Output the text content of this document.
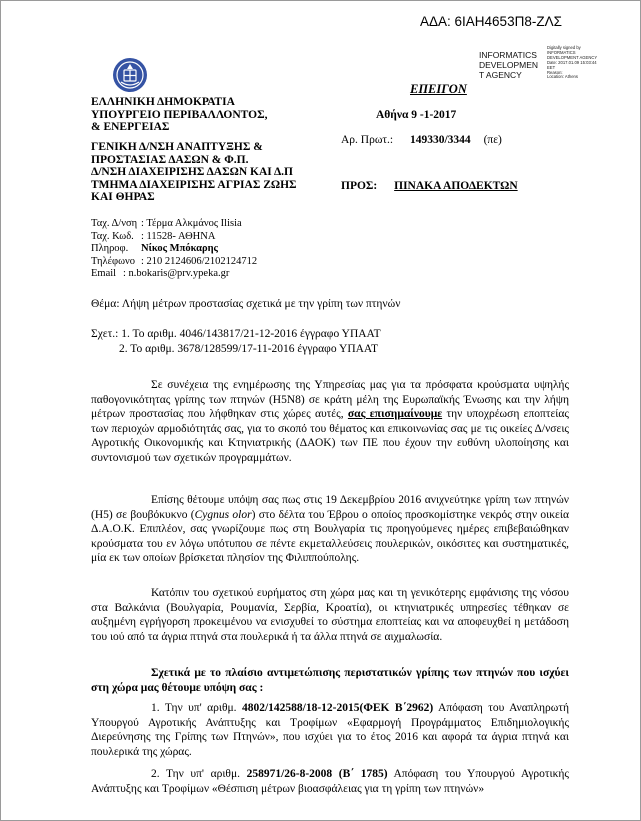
ΑΔΑ: 6ΙΑΗ4653Π8-ΖΛΣ
INFORMATICS
DEVELOPMEN
T AGENCY
Digitally signed by
INFORMATICS
DEVELOPMENT AGENCY
Date: 2017.01.09 15:03:44
EET
Reason:
Location: Athens
ΕΠΕΙΓΟΝ
ΕΛΛΗΝΙΚΗ ΔΗΜΟΚΡΑΤΙΑ
ΥΠΟΥΡΓΕΙΟ ΠΕΡΙΒΑΛΛΟΝΤΟΣ,
& ΕΝΕΡΓΕΙΑΣ
Αθήνα 9 -1-2017
Αρ. Πρωτ.: 149330/3344 (πε)
ΓΕΝΙΚΗ Δ/ΝΣΗ ΑΝΑΠΤΥΞΗΣ &
ΠΡΟΣΤΑΣΙΑΣ ΔΑΣΩΝ & Φ.Π.
Δ/ΝΣΗ ΔΙΑΧΕΙΡΙΣΗΣ ΔΑΣΩΝ ΚΑΙ Δ.Π
ΤΜΗΜΑ ΔΙΑΧΕΙΡΙΣΗΣ ΑΓΡΙΑΣ ΖΩΗΣ
ΚΑΙ ΘΗΡΑΣ
ΠΡΟΣ: ΠΙΝΑΚΑ ΑΠΟΔΕΚΤΩΝ
Ταχ. Δ/νση : Τέρμα Αλκμάνος Ilisia
Ταχ. Κωδ. : 11528- ΑΘΗΝΑ
Πληροφ. Νίκος Μπόκαρης
Τηλέφωνο : 210 2124606/2102124712
Email : n.bokaris@prv.ypeka.gr
Θέμα: Λήψη μέτρων προστασίας σχετικά με την γρίπη των πτηνών
Σχετ.: 1. Το αριθμ. 4046/143817/21-12-2016 έγγραφο ΥΠΑΑΤ
2. Το αριθμ. 3678/128599/17-11-2016 έγγραφο ΥΠΑΑΤ
Σε συνέχεια της ενημέρωσης της Υπηρεσίας μας για τα πρόσφατα κρούσματα υψηλής παθογονικότητας γρίπης των πτηνών (H5N8) σε κράτη μέλη της Ευρωπαϊκής Ένωσης και την λήψη μέτρων προστασίας που λήφθηκαν στις χώρες αυτές, σας επισημαίνουμε την υποχρέωση εποπτείας των περιοχών αρμοδιότητάς σας, για το σκοπό του θέματος και επικοινωνίας σας με τις οικείες Δ/νσεις Αγροτικής Οικονομικής και Κτηνιατρικής (ΔΑΟΚ) των ΠΕ που έχουν την ευθύνη υλοποίησης και συντονισμού των σχετικών προγραμμάτων.
Επίσης θέτουμε υπόψη σας πως στις 19 Δεκεμβρίου 2016 ανιχνεύτηκε γρίπη των πτηνών (Η5) σε βουβόκυκνο (Cygnus olor) στο δέλτα του Έβρου ο οποίος προσκομίστηκε νεκρός στην οικεία Δ.Α.Ο.Κ. Επιπλέον, σας γνωρίζουμε πως στη Βουλγαρία τις προηγούμενες ημέρες επιβεβαιώθηκαν κρούσματα του εν λόγω υπότυπου σε πέντε εκμεταλλεύσεις πουλερικών, οικόσιτες και συστηματικές, μία εκ των οποίων βρίσκεται πλησίον της Φιλιππούπολης.
Κατόπιν του σχετικού ευρήματος στη χώρα μας και τη γενικότερης εμφάνισης της νόσου στα Βαλκάνια (Βουλγαρία, Ρουμανία, Σερβία, Κροατία), οι κτηνιατρικές υπηρεσίες τέθηκαν σε αυξημένη εγρήγορση προκειμένου να ενισχυθεί το σύστημα εποπτείας και να αποφευχθεί η μετάδοση του ιού από τα άγρια πτηνά στα πουλερικά ή τα άλλα πτηνά σε αιχμαλωσία.
Σχετικά με το πλαίσιο αντιμετώπισης περιστατικών γρίπης των πτηνών που ισχύει στη χώρα μας θέτουμε υπόψη σας :
1. Την υπ' αριθμ. 4802/142588/18-12-2015(ΦΕΚ Β΄2962) Απόφαση του Αναπληρωτή Υπουργού Αγροτικής Ανάπτυξης και Τροφίμων «Εφαρμογή Προγράμματος Επιδημιολογικής Διερεύνησης της Γρίπης των Πτηνών», που ισχύει για το έτος 2016 και αφορά τα άγρια πτηνά και πουλερικά της χώρας.
2. Την υπ' αριθμ. 258971/26-8-2008 (Β΄ 1785) Απόφαση του Υπουργού Αγροτικής Ανάπτυξης και Τροφίμων «Θέσπιση μέτρων βιοασφάλειας για τη γρίπη των πτηνών»
